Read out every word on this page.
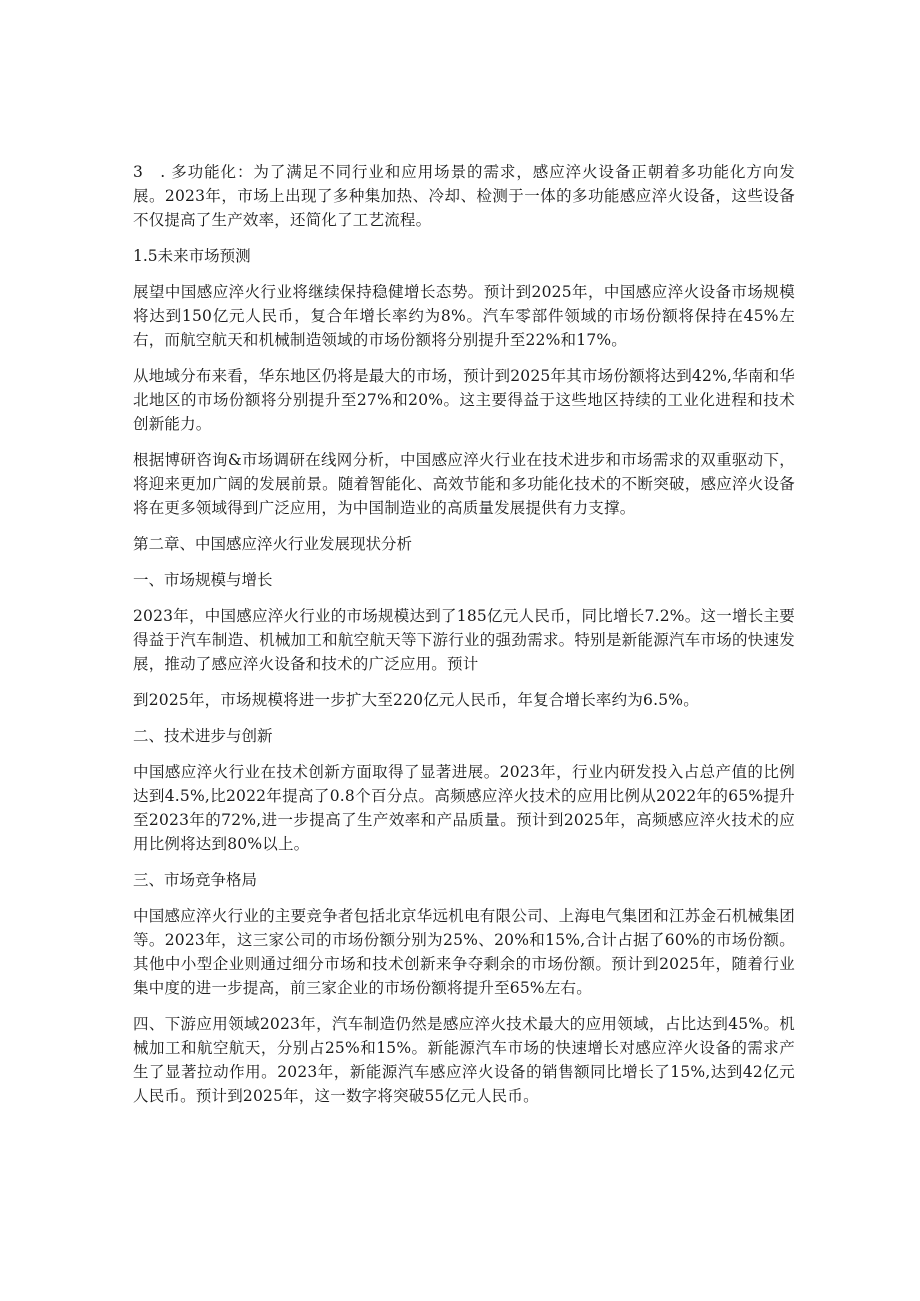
3　. 多功能化：为了满足不同行业和应用场景的需求，感应淬火设备正朝着多功能化方向发展。2023年，市场上出现了多种集加热、冷却、检测于一体的多功能感应淬火设备，这些设备不仅提高了生产效率，还简化了工艺流程。

1.5未来市场预测

展望中国感应淬火行业将继续保持稳健增长态势。预计到2025年，中国感应淬火设备市场规模将达到150亿元人民币，复合年增长率约为8%。汽车零部件领域的市场份额将保持在45%左右，而航空航天和机械制造领域的市场份额将分别提升至22%和17%。

从地域分布来看，华东地区仍将是最大的市场，预计到2025年其市场份额将达到42%,华南和华北地区的市场份额将分别提升至27%和20%。这主要得益于这些地区持续的工业化进程和技术创新能力。

根据博研咨询&市场调研在线网分析，中国感应淬火行业在技术进步和市场需求的双重驱动下，将迎来更加广阔的发展前景。随着智能化、高效节能和多功能化技术的不断突破，感应淬火设备将在更多领域得到广泛应用，为中国制造业的高质量发展提供有力支撑。

第二章、中国感应淬火行业发展现状分析

一、市场规模与增长

2023年，中国感应淬火行业的市场规模达到了185亿元人民币，同比增长7.2%。这一增长主要得益于汽车制造、机械加工和航空航天等下游行业的强劲需求。特别是新能源汽车市场的快速发展，推动了感应淬火设备和技术的广泛应用。预计

到2025年，市场规模将进一步扩大至220亿元人民币，年复合增长率约为6.5%。

二、技术进步与创新

中国感应淬火行业在技术创新方面取得了显著进展。2023年，行业内研发投入占总产值的比例达到4.5%,比2022年提高了0.8个百分点。高频感应淬火技术的应用比例从2022年的65%提升至2023年的72%,进一步提高了生产效率和产品质量。预计到2025年，高频感应淬火技术的应用比例将达到80%以上。

三、市场竞争格局

中国感应淬火行业的主要竞争者包括北京华远机电有限公司、上海电气集团和江苏金石机械集团等。2023年，这三家公司的市场份额分别为25%、20%和15%,合计占据了60%的市场份额。其他中小型企业则通过细分市场和技术创新来争夺剩余的市场份额。预计到2025年，随着行业集中度的进一步提高，前三家企业的市场份额将提升至65%左右。

四、下游应用领域2023年，汽车制造仍然是感应淬火技术最大的应用领域，占比达到45%。机械加工和航空航天，分别占25%和15%。新能源汽车市场的快速增长对感应淬火设备的需求产生了显著拉动作用。2023年，新能源汽车感应淬火设备的销售额同比增长了15%,达到42亿元人民币。预计到2025年，这一数字将突破55亿元人民币。
